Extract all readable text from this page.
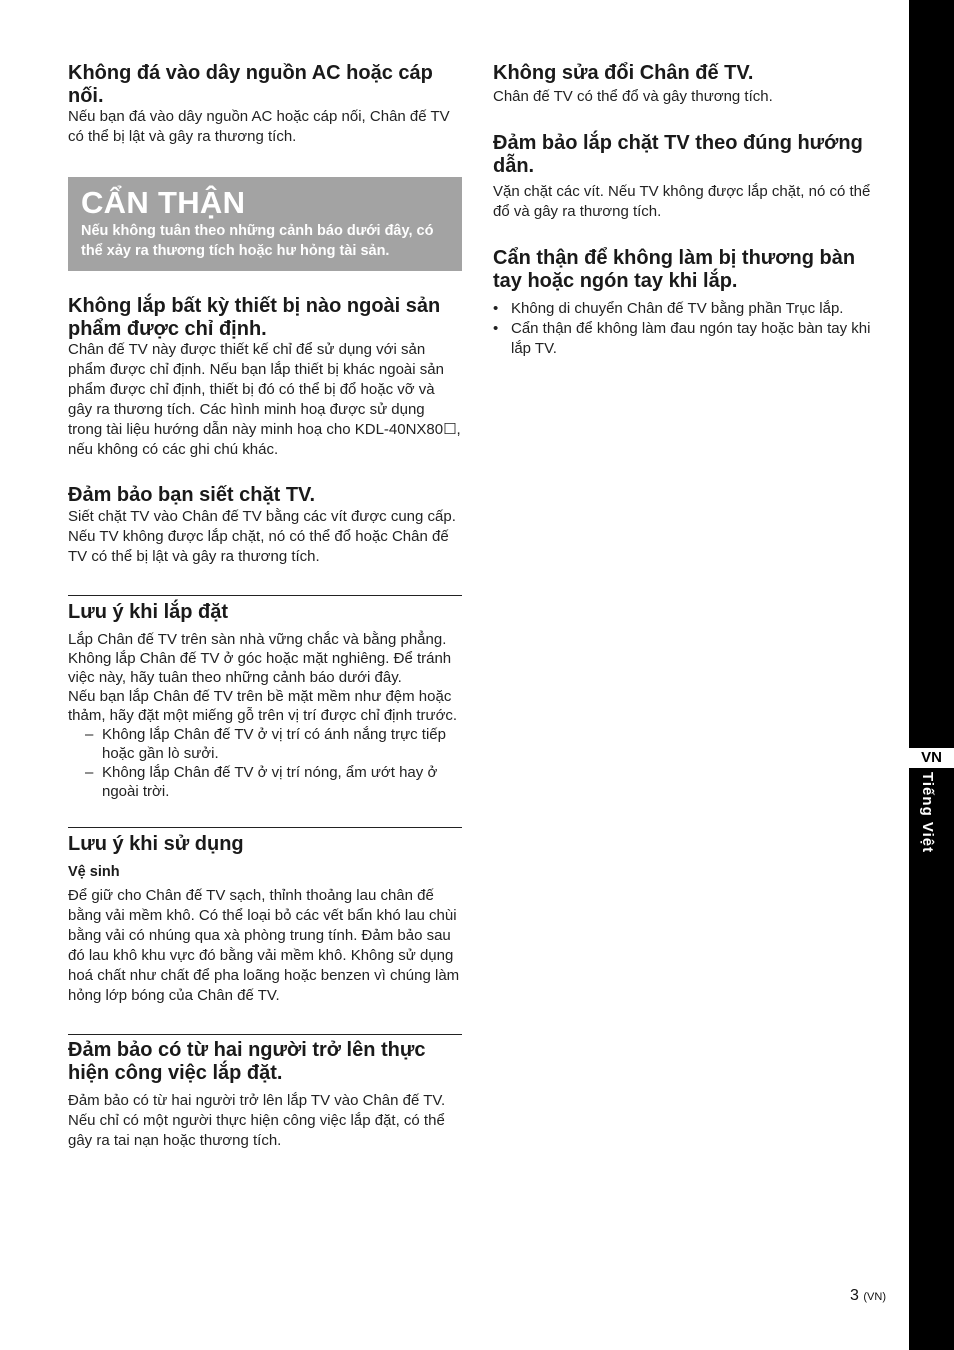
Không đá vào dây nguồn AC hoặc cáp nối.

Nếu bạn đá vào dây nguồn AC hoặc cáp nối, Chân đế TV có thể bị lật và gây ra thương tích.

CẨN THẬN
Nếu không tuân theo những cảnh báo dưới đây, có thể xảy ra thương tích hoặc hư hỏng tài sản.
Không lắp bất kỳ thiết bị nào ngoài sản phẩm được chỉ định.

Chân đế TV này được thiết kế chỉ để sử dụng với sản phẩm được chỉ định. Nếu bạn lắp thiết bị khác ngoài sản phẩm được chỉ định, thiết bị đó có thể bị đổ hoặc vỡ và gây ra thương tích. Các hình minh hoạ được sử dụng trong tài liệu hướng dẫn này minh hoạ cho KDL-40NX80☐, nếu không có các ghi chú khác.

Đảm bảo bạn siết chặt TV.

Siết chặt TV vào Chân đế TV bằng các vít được cung cấp. Nếu TV không được lắp chặt, nó có thể đổ hoặc Chân đế TV có thể bị lật và gây ra thương tích.

Lưu ý khi lắp đặt

Lắp Chân đế TV trên sàn nhà vững chắc và bằng phẳng. Không lắp Chân đế TV ở góc hoặc mặt nghiêng. Để tránh việc này, hãy tuân theo những cảnh báo dưới đây.

Nếu bạn lắp Chân đế TV trên bề mặt mềm như đệm hoặc thảm, hãy đặt một miếng gỗ trên vị trí được chỉ định trước.

– Không lắp Chân đế TV ở vị trí có ánh nắng trực tiếp hoặc gần lò sưởi.
– Không lắp Chân đế TV ở vị trí nóng, ẩm ướt hay ở ngoài trời.
Lưu ý khi sử dụng
Vệ sinh

Để giữ cho Chân đế TV sạch, thỉnh thoảng lau chân đế bằng vải mềm khô. Có thể loại bỏ các vết bẩn khó lau chùi bằng vải có nhúng qua xà phòng trung tính. Đảm bảo sau đó lau khô khu vực đó bằng vải mềm khô. Không sử dụng hoá chất như chất để pha loãng hoặc benzen vì chúng làm hỏng lớp bóng của Chân đế TV.

Đảm bảo có từ hai người trở lên thực hiện công việc lắp đặt.

Đảm bảo có từ hai người trở lên lắp TV vào Chân đế TV. Nếu chỉ có một người thực hiện công việc lắp đặt, có thể gây ra tai nạn hoặc thương tích.

Không sửa đổi Chân đế TV.

Chân đế TV có thể đổ và gây thương tích.

Đảm bảo lắp chặt TV theo đúng hướng dẫn.

Vặn chặt các vít. Nếu TV không được lắp chặt, nó có thể đổ và gây ra thương tích.

Cẩn thận để không làm bị thương bàn tay hoặc ngón tay khi lắp.
• Không di chuyển Chân đế TV bằng phần Trục lắp.
• Cẩn thận để không làm đau ngón tay hoặc bàn tay khi lắp TV.
VN
Tiếng Việt
3 (VN)
